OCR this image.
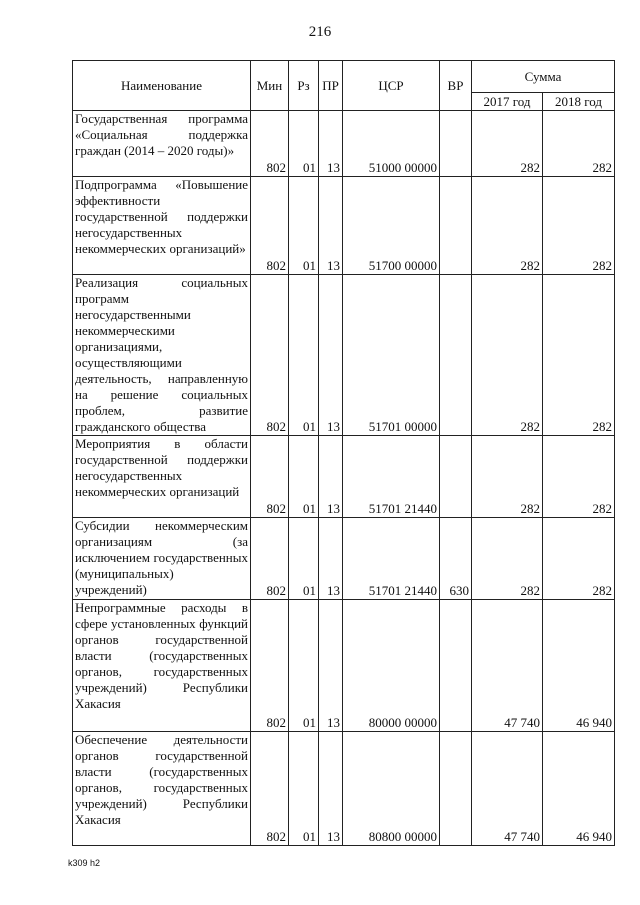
216
Наименование	Мин	Рз	ПР	ЦСР	ВР	Сумма	
						2017 год	2018 год
Государственная программа «Социальная поддержка граждан (2014 – 2020 годы)»	802	01	13	51000 00000		282	282
Подпрограмма «Повышение эффективности государственной поддержки негосударственных некоммерческих организаций»	802	01	13	51700 00000		282	282
Реализация социальных программ негосударственными некоммерческими организациями, осуществляющими деятельность, направленную на решение социальных проблем, развитие гражданского общества	802	01	13	51701 00000		282	282
Мероприятия в области государственной поддержки негосударственных некоммерческих организаций	802	01	13	51701 21440		282	282
Субсидии некоммерческим организациям (за исключением государственных (муниципальных) учреждений)	802	01	13	51701 21440	630	282	282
Непрограммные расходы в сфере установленных функций органов государственной власти (государственных органов, государственных учреждений) Республики Хакасия	802	01	13	80000 00000		47 740	46 940
Обеспечение деятельности органов государственной власти (государственных органов, государственных учреждений) Республики Хакасия	802	01	13	80800 00000		47 740	46 940
k309 h2
